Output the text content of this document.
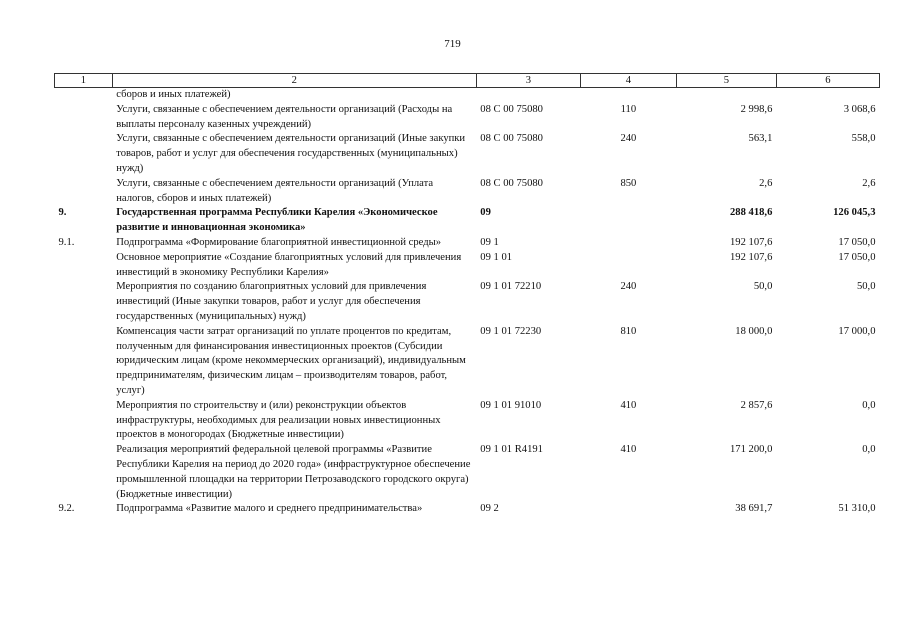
719
1	2	3	4	5	6
	сборов и иных платежей)				
	Услуги, связанные с обеспечением деятельности организаций (Расходы на выплаты персоналу казенных учреждений)	08 С 00 75080	110	2 998,6	3 068,6
	Услуги, связанные с обеспечением деятельности организаций (Иные закупки товаров, работ и услуг для обеспечения государственных (муниципальных) нужд)	08 С 00 75080	240	563,1	558,0
	Услуги, связанные с обеспечением деятельности организаций (Уплата налогов, сборов и иных платежей)	08 С 00 75080	850	2,6	2,6
9.	Государственная программа Республики Карелия «Экономическое развитие и инновационная экономика»	09		288 418,6	126 045,3
9.1.	Подпрограмма «Формирование благоприятной инвестиционной среды»	09 1		192 107,6	17 050,0
	Основное мероприятие «Создание благоприятных условий для привлечения инвестиций в экономику Республики Карелия»	09 1 01		192 107,6	17 050,0
	Мероприятия по созданию благоприятных условий для привлечения инвестиций (Иные закупки товаров, работ и услуг для обеспечения государственных (муниципальных) нужд)	09 1 01 72210	240	50,0	50,0
	Компенсация части затрат организаций по уплате процентов по кредитам, полученным для финансирования инвестиционных проектов (Субсидии юридическим лицам (кроме некоммерческих организаций), индивидуальным предпринимателям, физическим лицам – производителям товаров, работ, услуг)	09 1 01 72230	810	18 000,0	17 000,0
	Мероприятия по строительству и (или) реконструкции объектов инфраструктуры, необходимых для реализации новых инвестиционных проектов в моногородах (Бюджетные инвестиции)	09 1 01 91010	410	2 857,6	0,0
	Реализация мероприятий федеральной целевой программы «Развитие Республики Карелия на период до 2020 года» (инфраструктурное обеспечение промышленной площадки на территории Петрозаводского городского округа) (Бюджетные инвестиции)	09 1 01 R4191	410	171 200,0	0,0
9.2.	Подпрограмма «Развитие малого и среднего предпринимательства»	09 2		38 691,7	51 310,0
